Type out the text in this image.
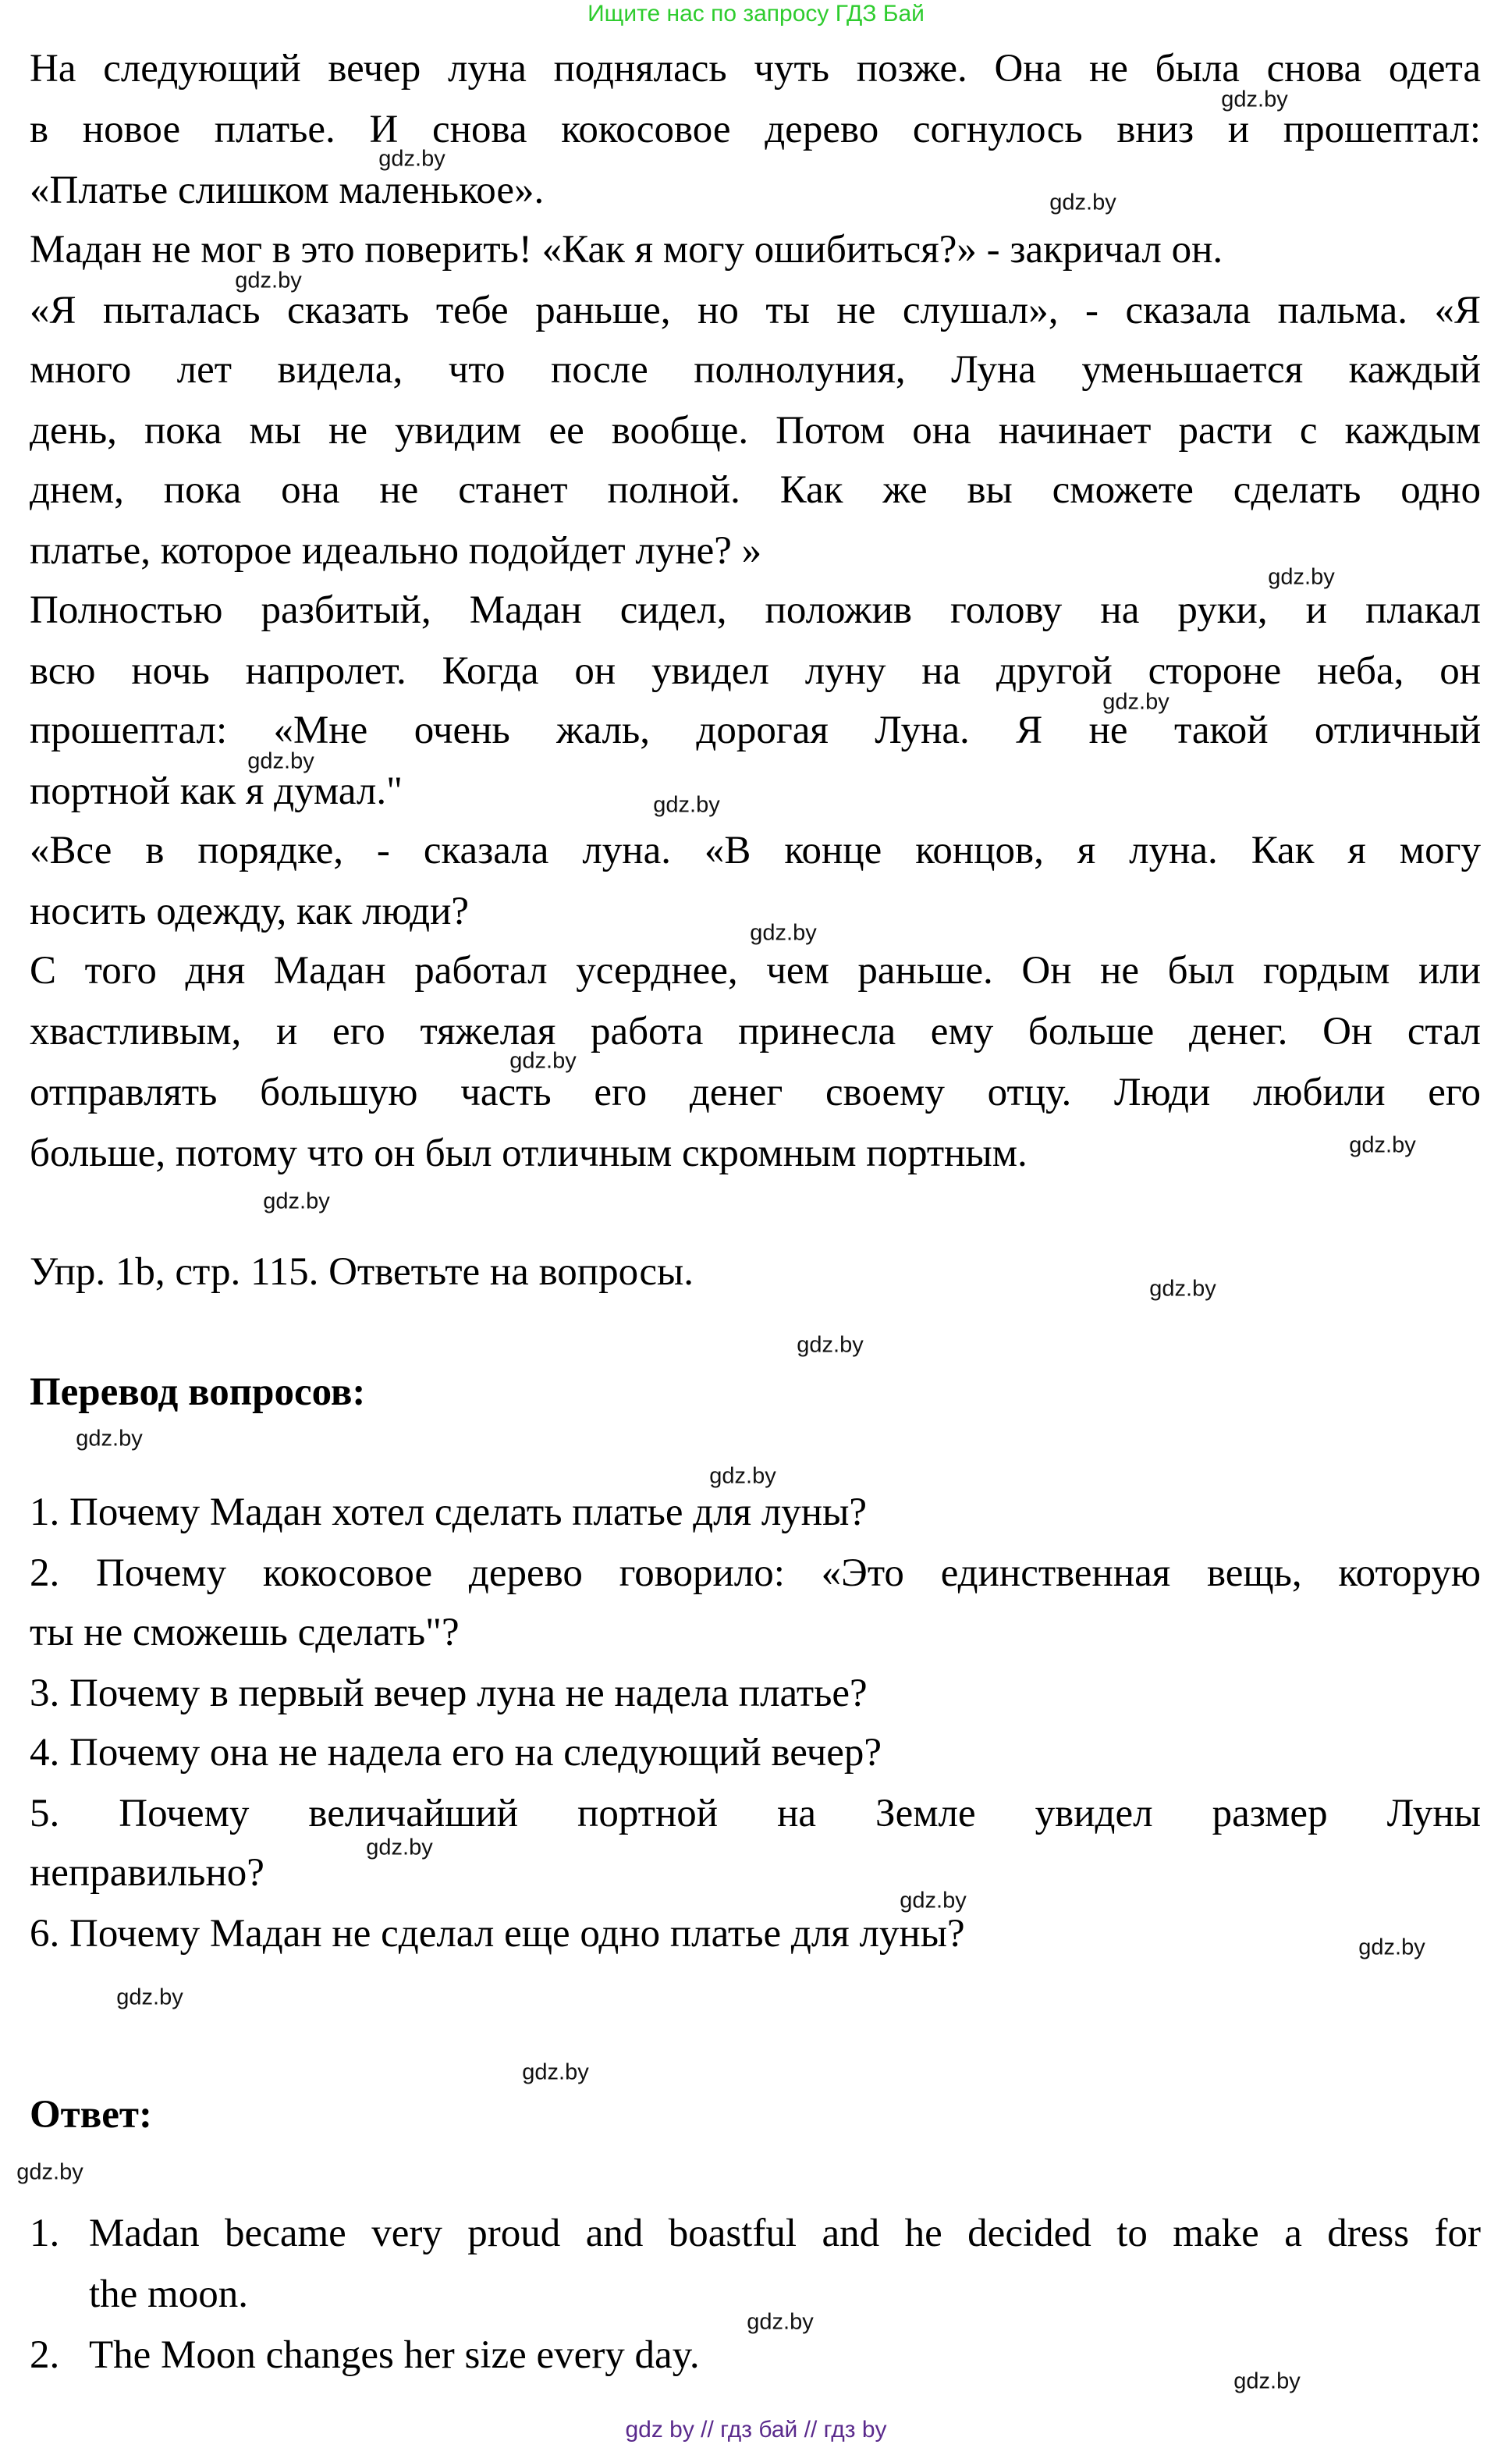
Ищите нас по запросу ГДЗ Бай
На следующий вечер луна поднялась чуть позже. Она не была снова одета
в новое платье. И снова кокосовое дерево согнулось вниз и прошептал:
«Платье слишком маленькое».
Мадан не мог в это поверить! «Как я могу ошибиться?» - закричал он.
«Я пыталась сказать тебе раньше, но ты не слушал», - сказала пальма. «Я
много лет видела, что после полнолуния, Луна уменьшается каждый
день, пока мы не увидим ее вообще. Потом она начинает расти с каждым
днем, пока она не станет полной. Как же вы сможете сделать одно
платье, которое идеально подойдет луне? »
Полностью разбитый, Мадан сидел, положив голову на руки, и плакал
всю ночь напролет. Когда он увидел луну на другой стороне неба, он
прошептал: «Мне очень жаль, дорогая Луна. Я не такой отличный
портной как я думал."
«Все в порядке, - сказала луна. «В конце концов, я луна. Как я могу
носить одежду, как люди?
С того дня Мадан работал усерднее, чем раньше. Он не был гордым или
хвастливым, и его тяжелая работа принесла ему больше денег. Он стал
отправлять большую часть его денег своему отцу. Люди любили его
больше, потому что он был отличным скромным портным.
Упр. 1b, стр. 115. Ответьте на вопросы.
Перевод вопросов:
1. Почему Мадан хотел сделать платье для луны?
2. Почему кокосовое дерево говорило: «Это единственная вещь, которую
ты не сможешь сделать"?
3. Почему в первый вечер луна не надела платье?
4. Почему она не надела его на следующий вечер?
5. Почему величайший портной на Земле увидел размер Луны
неправильно?
6. Почему Мадан не сделал еще одно платье для луны?
Ответ:
1. Madan became very proud and boastful and he decided to make a dress for
the moon.
2. The Moon changes her size every day.
gdz.by
gdz.by
gdz.by
gdz.by
gdz.by
gdz.by
gdz.by
gdz.by
gdz.by
gdz.by
gdz.by
gdz.by
gdz.by
gdz.by
gdz.by
gdz.by
gdz.by
gdz.by
gdz.by
gdz.by
gdz.by
gdz.by
gdz.by
gdz.by
gdz by // гдз бай // гдз by
